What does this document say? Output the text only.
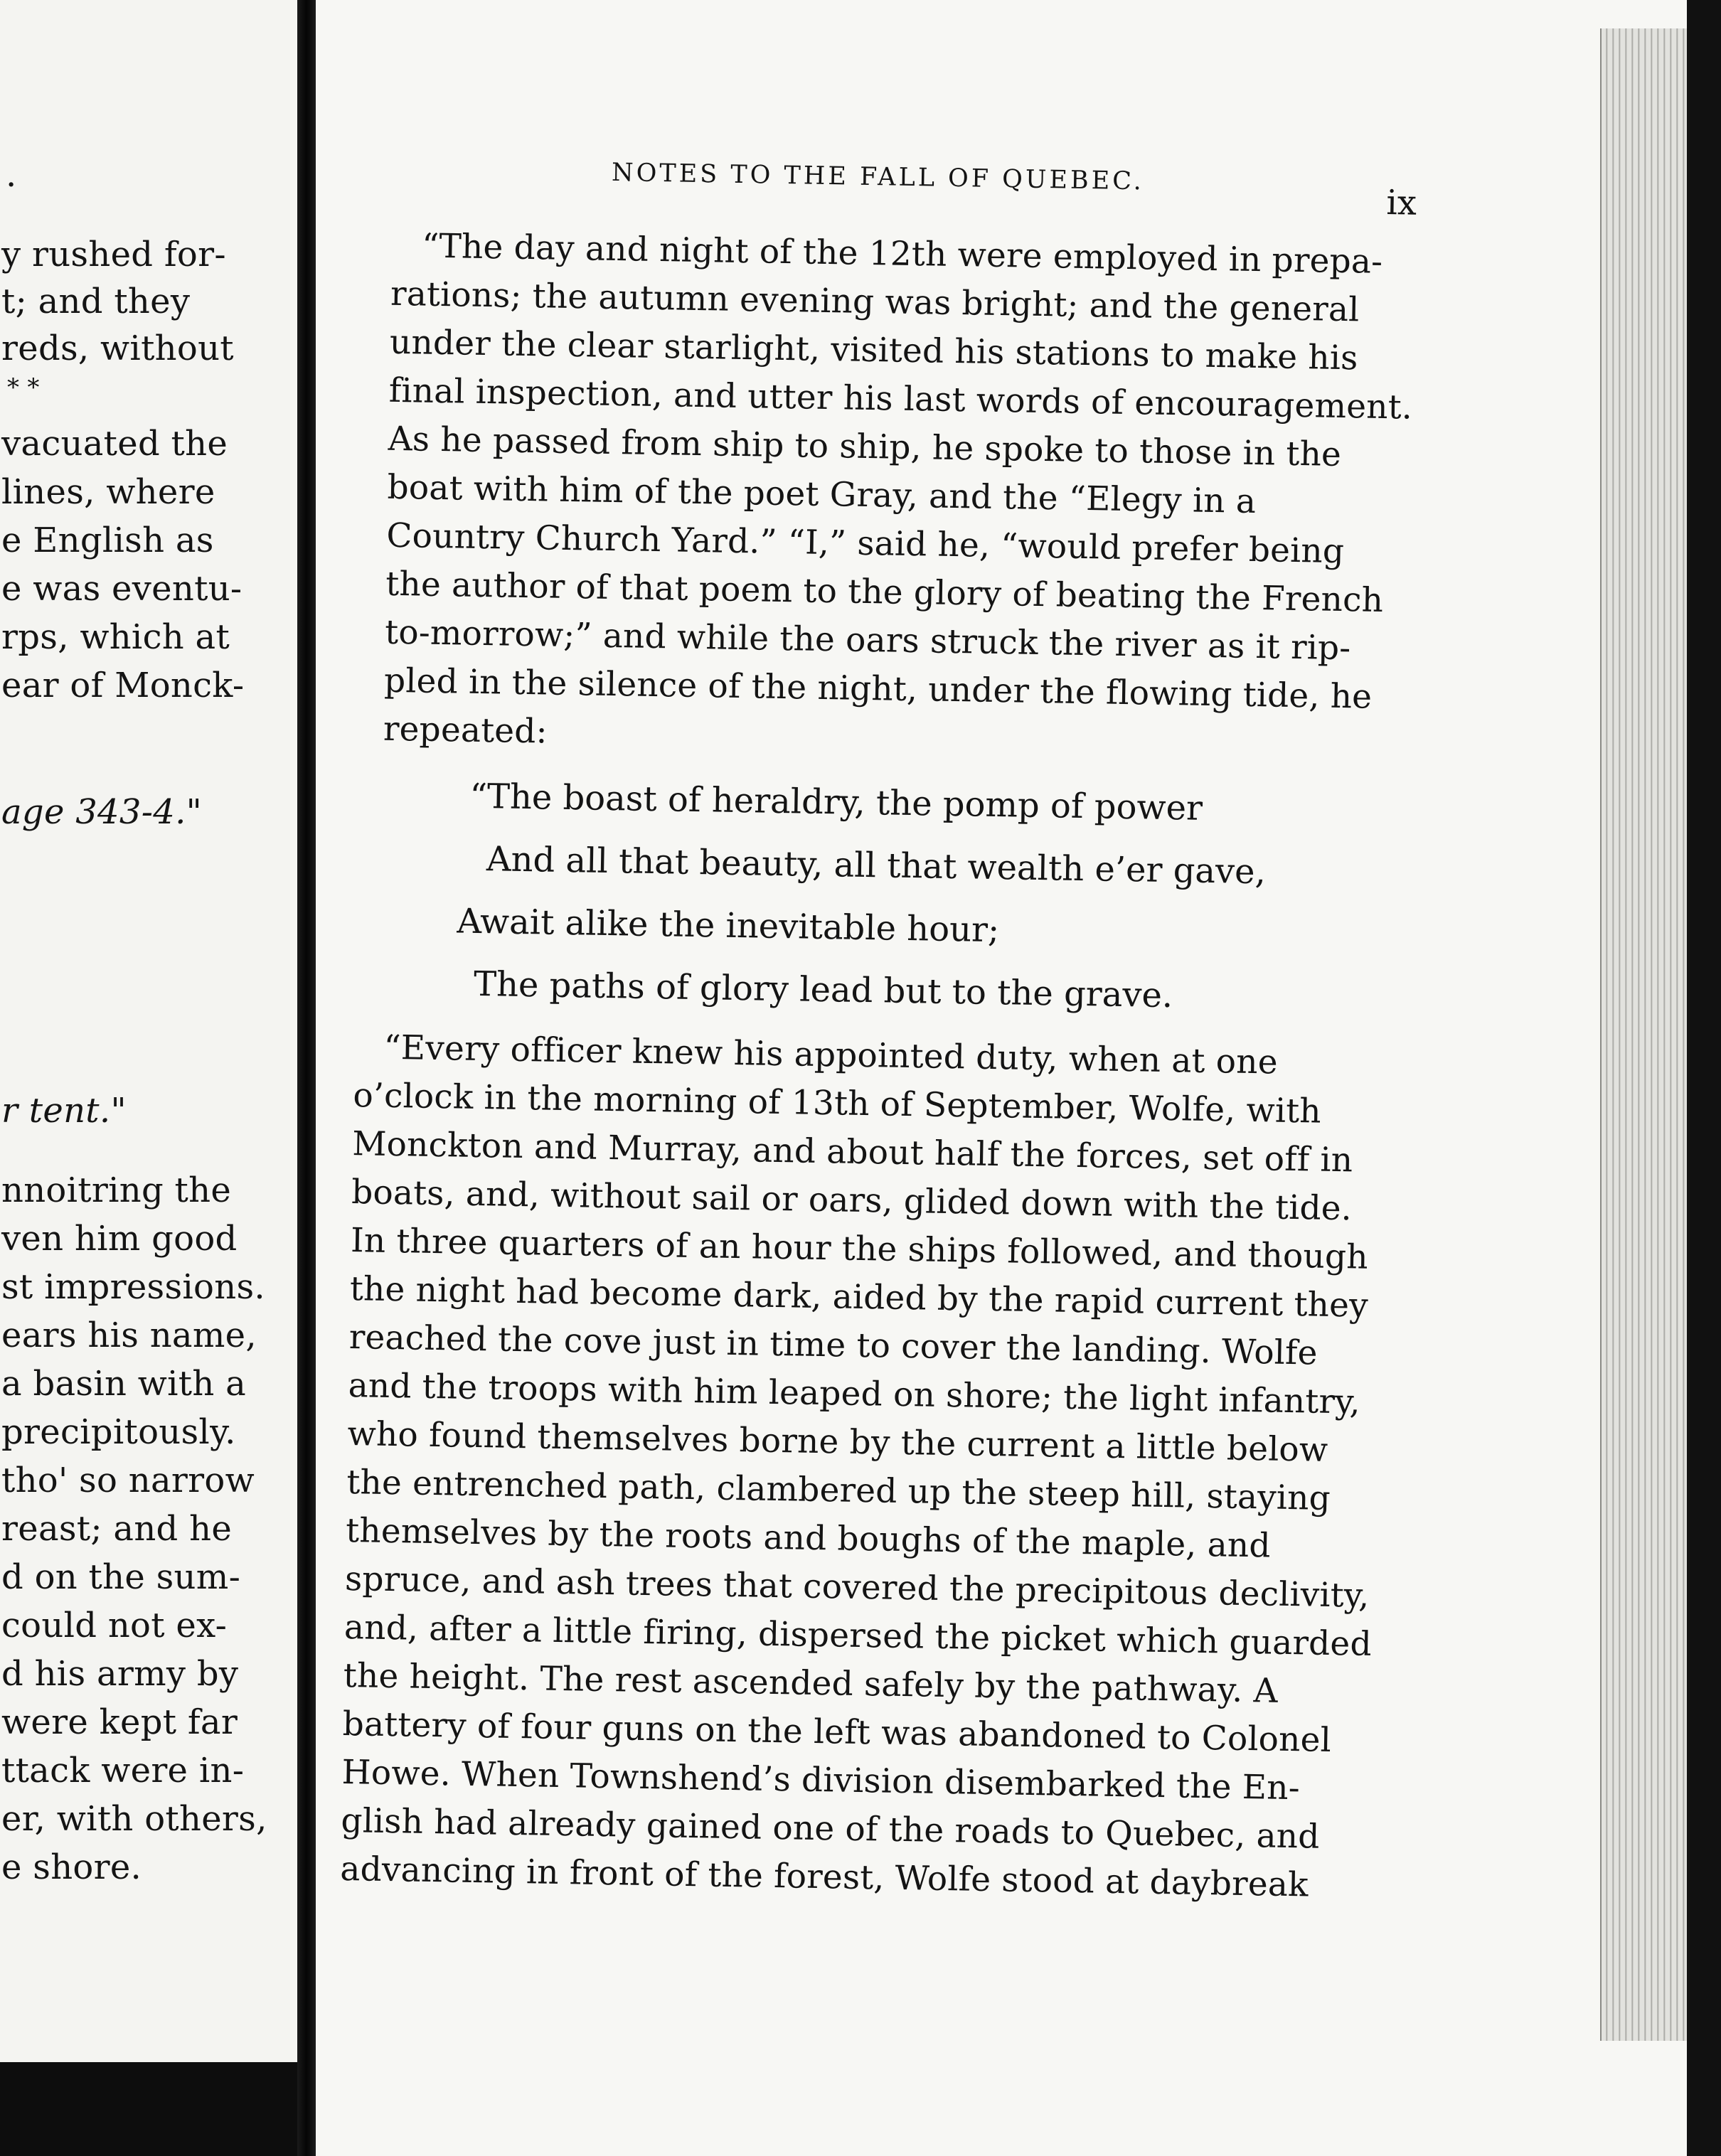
.
y rushed for-
t; and they
reds, without
* *
vacuated the
lines, where
e English as
e was eventu-
rps, which at
ear of Monck-
age 343-4."
r tent."
nnoitring the
ven him good
st impressions.
ears his name,
a basin with a
precipitously.
tho' so narrow
reast; and he
d on the sum-
could not ex-
d his army by
were kept far
ttack were in-
er, with others,
e shore.
NOTES TO THE FALL OF QUEBEC.
ix
“The day and night of the 12th were employed in prepa-
rations; the autumn evening was bright; and the general
under the clear starlight, visited his stations to make his
final inspection, and utter his last words of encouragement.
As he passed from ship to ship, he spoke to those in the
boat with him of the poet Gray, and the “Elegy in a
Country Church Yard.” “I,” said he, “would prefer being
the author of that poem to the glory of beating the French
to-morrow;” and while the oars struck the river as it rip-
pled in the silence of the night, under the flowing tide, he
repeated:
“The boast of heraldry, the pomp of power
And all that beauty, all that wealth e’er gave,
Await alike the inevitable hour;
The paths of glory lead but to the grave.
“Every officer knew his appointed duty, when at one
o’clock in the morning of 13th of September, Wolfe, with
Monckton and Murray, and about half the forces, set off in
boats, and, without sail or oars, glided down with the tide.
In three quarters of an hour the ships followed, and though
the night had become dark, aided by the rapid current they
reached the cove just in time to cover the landing. Wolfe
and the troops with him leaped on shore; the light infantry,
who found themselves borne by the current a little below
the entrenched path, clambered up the steep hill, staying
themselves by the roots and boughs of the maple, and
spruce, and ash trees that covered the precipitous declivity,
and, after a little firing, dispersed the picket which guarded
the height. The rest ascended safely by the pathway. A
battery of four guns on the left was abandoned to Colonel
Howe. When Townshend’s division disembarked the En-
glish had already gained one of the roads to Quebec, and
advancing in front of the forest, Wolfe stood at daybreak
